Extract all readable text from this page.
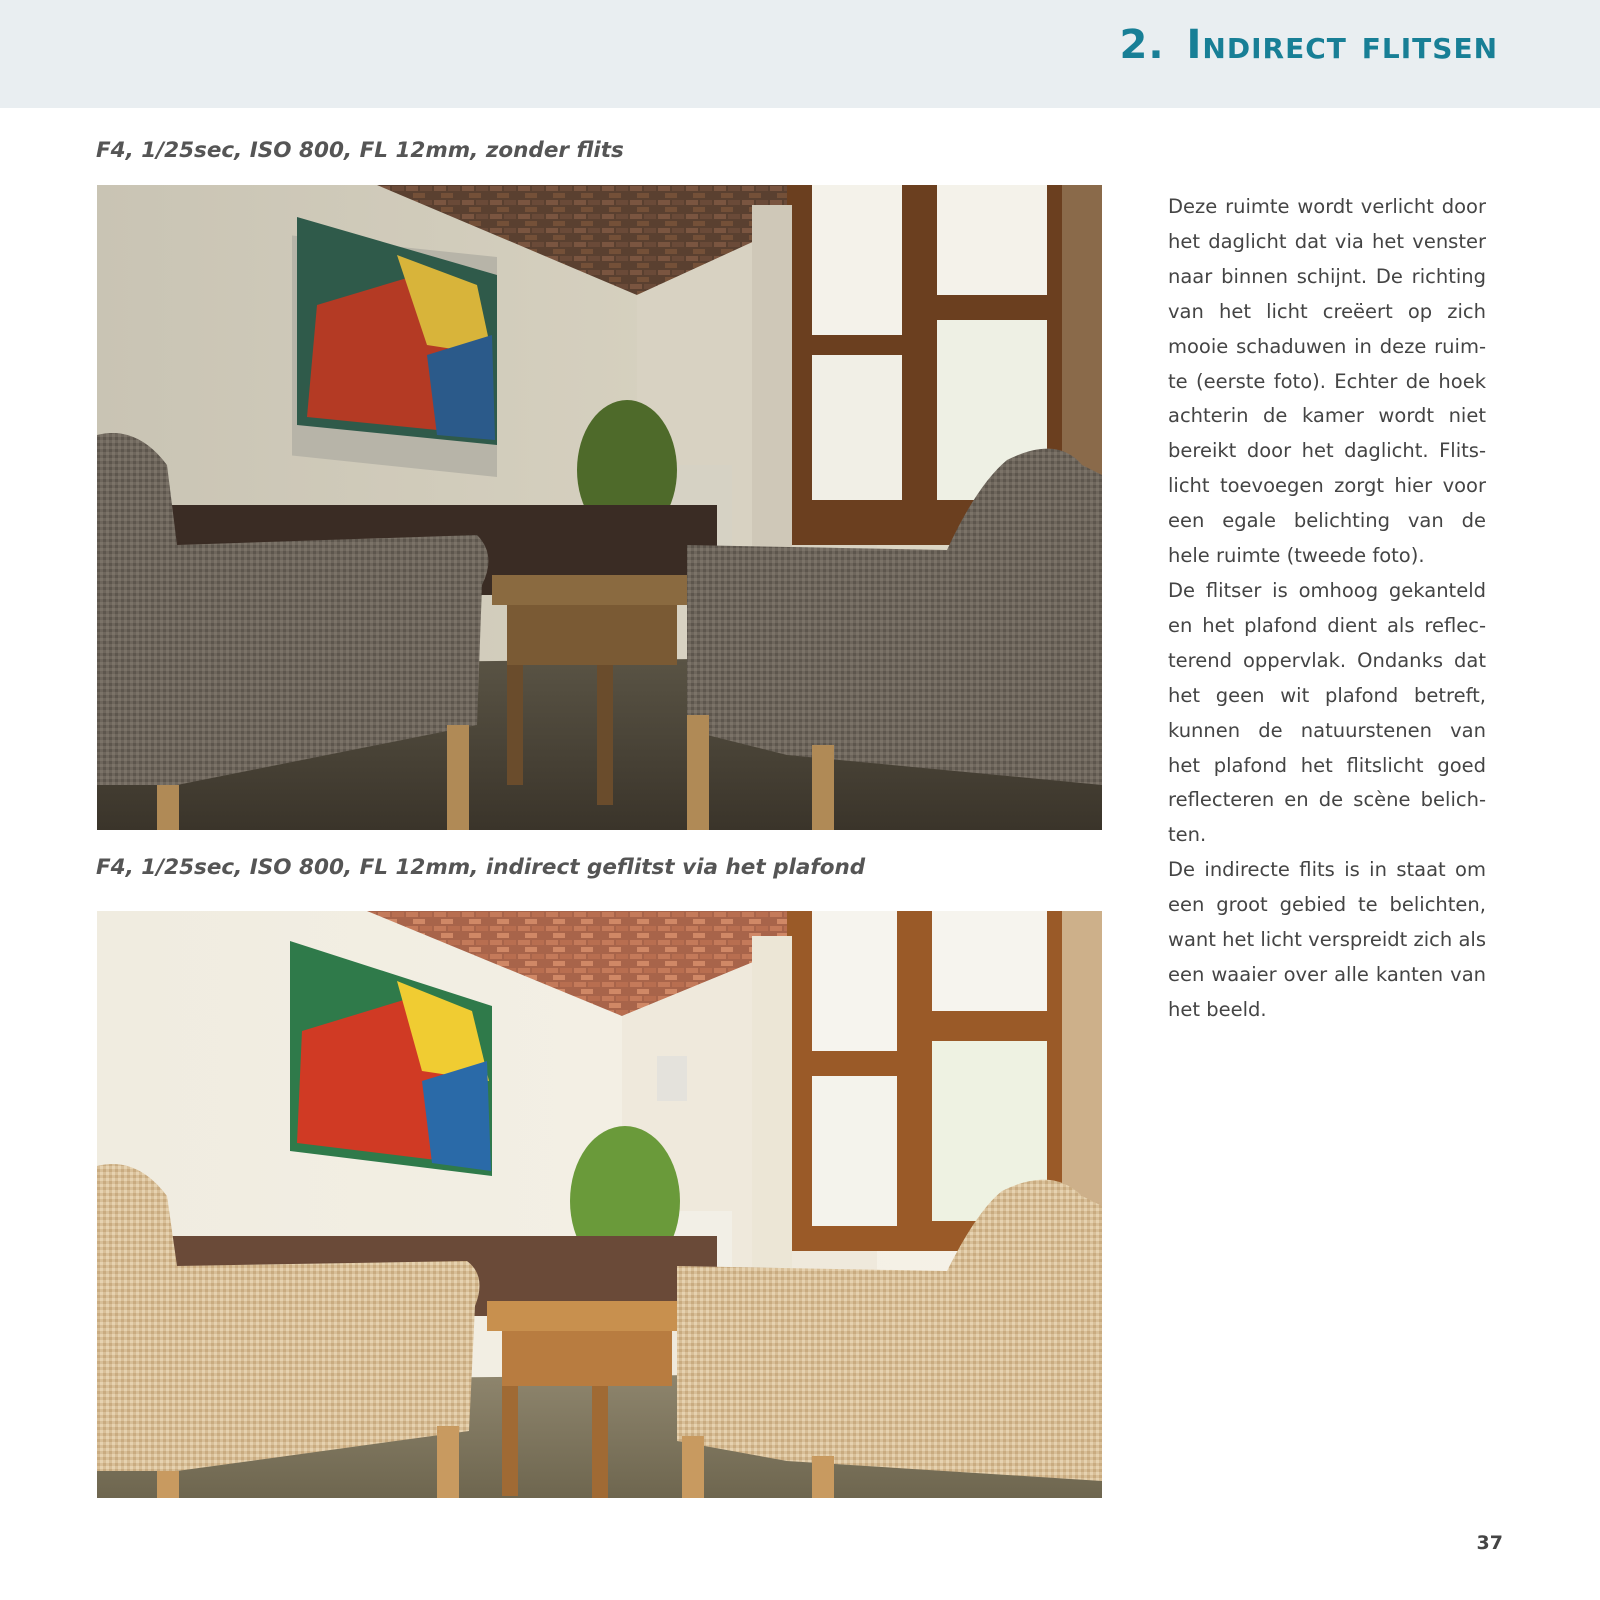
2. Indirect flitsen
F4, 1/25sec, ISO 800, FL 12mm, zonder flits
F4, 1/25sec, ISO 800, FL 12mm, indirect geflitst via het plafond

Deze ruimte wordt verlicht door het daglicht dat via het venster naar binnen schijnt. De richting van het licht creëert op zich mooie schaduwen in deze ruimte (eerste foto). Echter de hoek achterin de kamer wordt niet bereikt door het daglicht. Flitslicht toevoegen zorgt hier voor een egale belichting van de hele ruimte (tweede foto).

De flitser is omhoog gekanteld en het plafond dient als reflecterend oppervlak. Ondanks dat het geen wit plafond betreft, kunnen de natuurstenen van het plafond het flitslicht goed reflecteren en de scène belichten.

De indirecte flits is in staat om een groot gebied te belichten, want het licht verspreidt zich als een waaier over alle kanten van het beeld.

37
